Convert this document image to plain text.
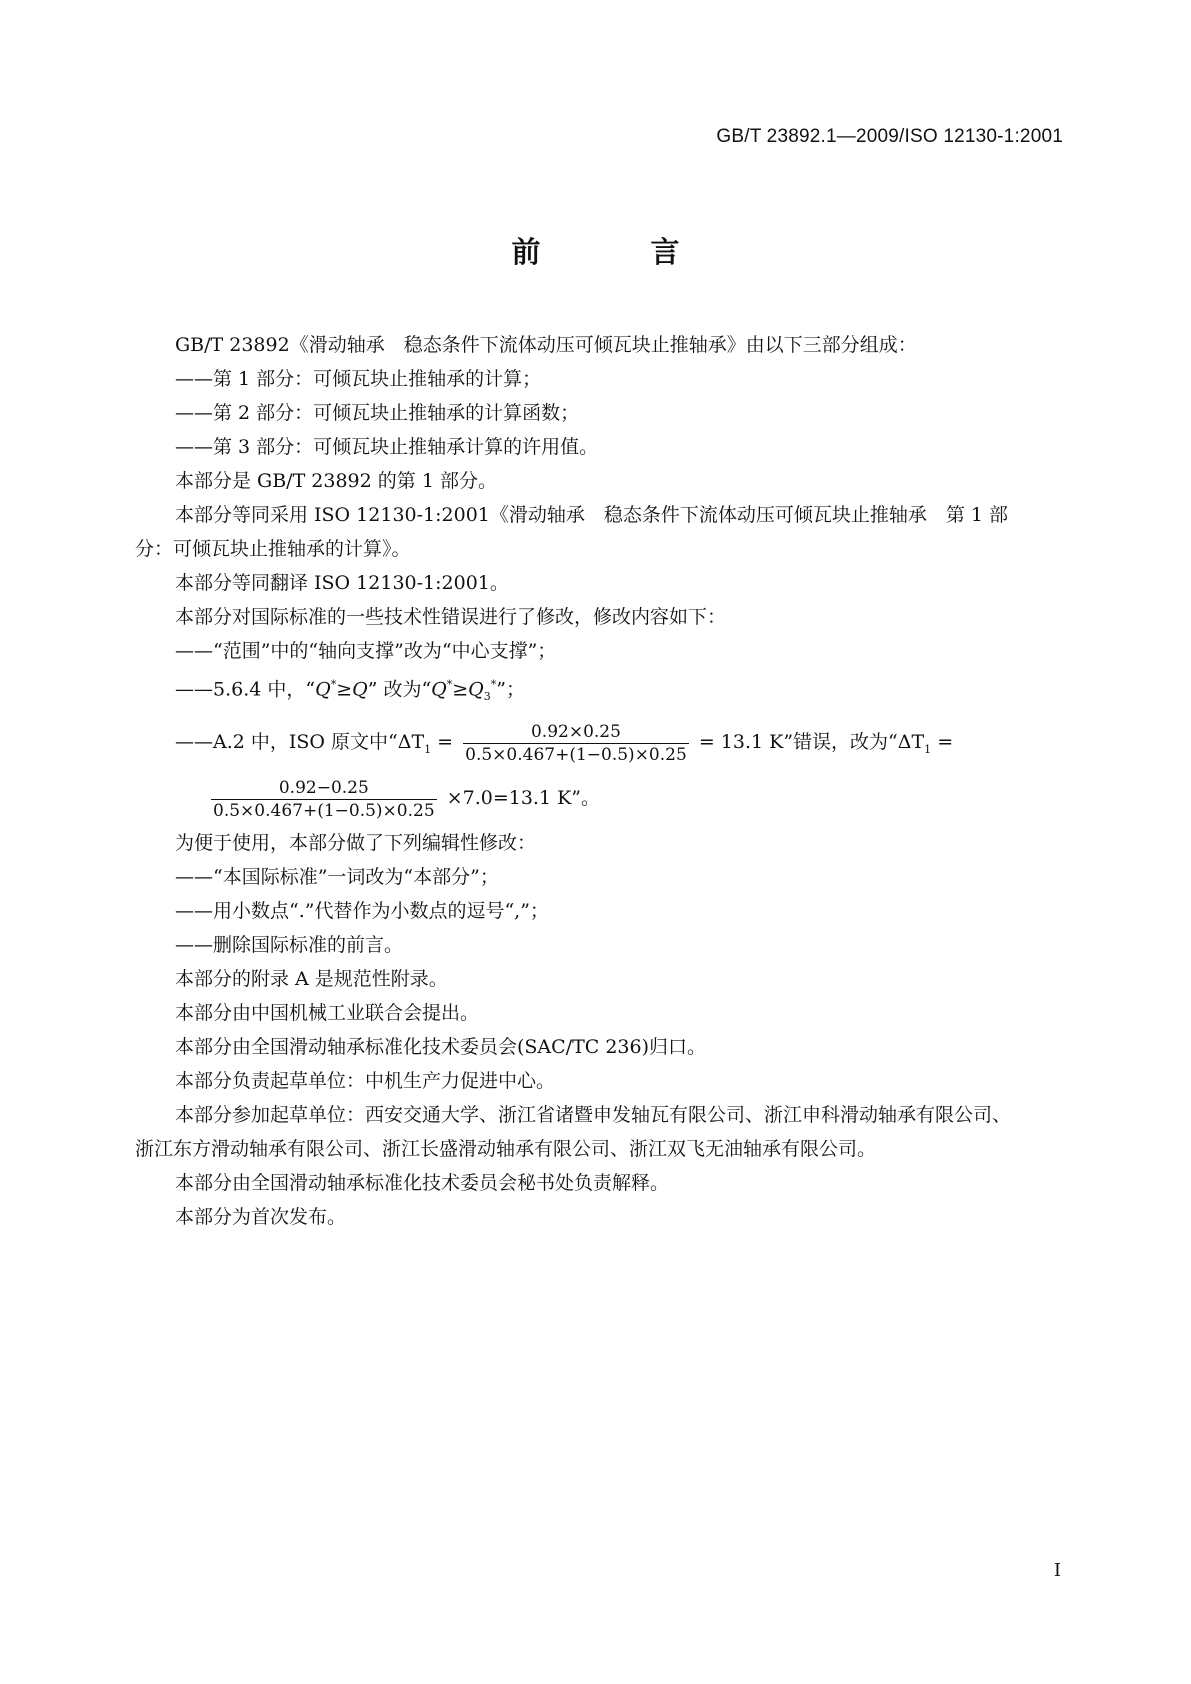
GB/T 23892.1—2009/ISO 12130-1:2001
前 言
GB/T 23892《滑动轴承　稳态条件下流体动压可倾瓦块止推轴承》由以下三部分组成：
——第 1 部分：可倾瓦块止推轴承的计算；
——第 2 部分：可倾瓦块止推轴承的计算函数；
——第 3 部分：可倾瓦块止推轴承计算的许用值。
本部分是 GB/T 23892 的第 1 部分。
本部分等同采用 ISO 12130-1:2001《滑动轴承　稳态条件下流体动压可倾瓦块止推轴承　第 1 部
分：可倾瓦块止推轴承的计算》。
本部分等同翻译 ISO 12130-1:2001。
本部分对国际标准的一些技术性错误进行了修改，修改内容如下：
——“范围”中的“轴向支撑”改为“中心支撑”；
——5.6.4 中，“Q*≥Q” 改为“$Q^*\ge Q_3^*$”；
——A.2 中，ISO 原文中“$\Delta T_1 = \frac{0.92\times 0.25}{0.5\times 0.467+(1-0.5)\times 0.25} = 13.1$ K”错误，改为“$\Delta T_1$ =
$\frac{0.92-0.25}{0.5\times 0.467+(1-0.5)\times 0.25} \times 7.0=13.1$ K”。
为便于使用，本部分做了下列编辑性修改：
——“本国际标准”一词改为“本部分”；
——用小数点“.”代替作为小数点的逗号“,”；
——删除国际标准的前言。
本部分的附录 A 是规范性附录。
本部分由中国机械工业联合会提出。
本部分由全国滑动轴承标准化技术委员会(SAC/TC 236)归口。
本部分负责起草单位：中机生产力促进中心。
本部分参加起草单位：西安交通大学、浙江省诸暨申发轴瓦有限公司、浙江申科滑动轴承有限公司、
浙江东方滑动轴承有限公司、浙江长盛滑动轴承有限公司、浙江双飞无油轴承有限公司。
本部分由全国滑动轴承标准化技术委员会秘书处负责解释。
本部分为首次发布。
I
